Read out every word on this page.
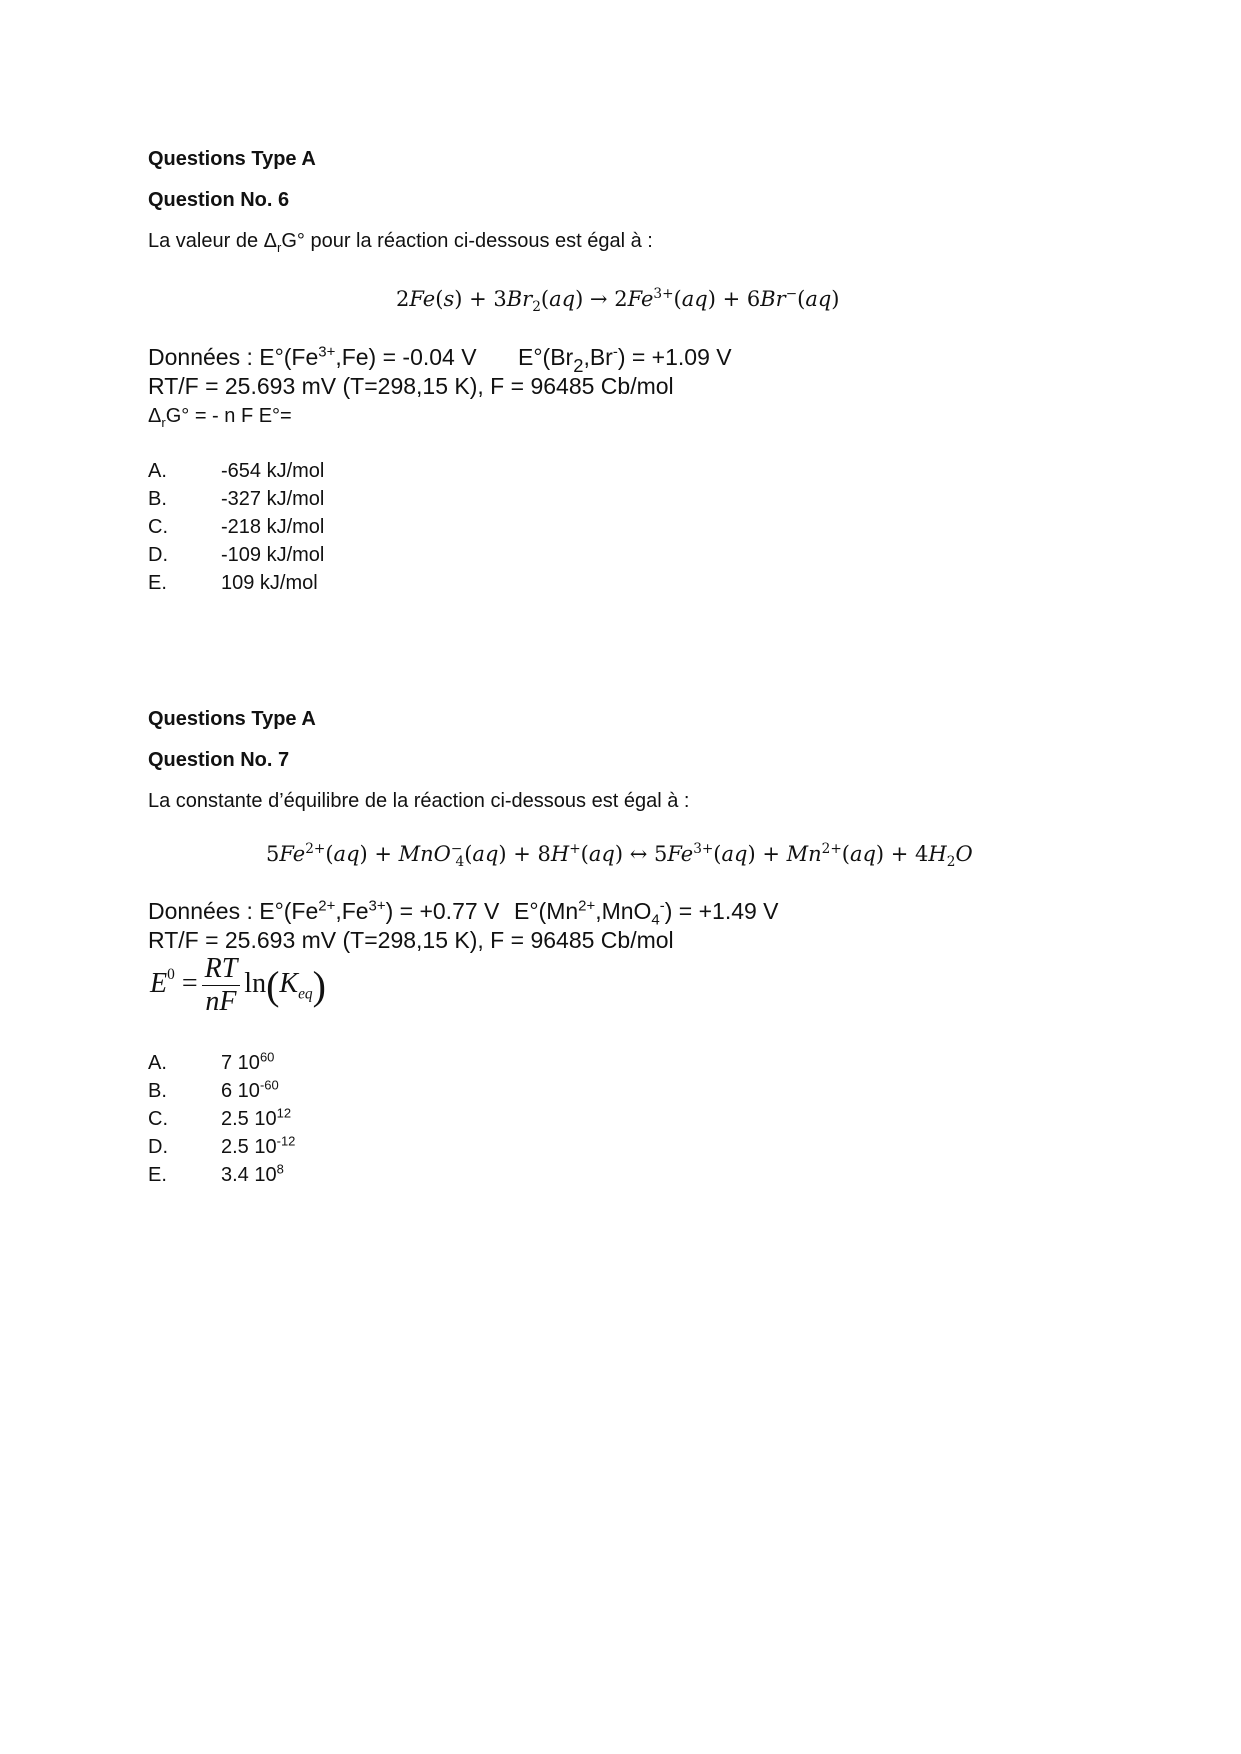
Questions Type A
Question No. 6
La valeur de $\Delta_rG^\circ$ pour la réaction ci-dessous est égal à :
$2Fe(s) + 3Br_2(aq) \to 2Fe^{3+}(aq) + 6Br^-(aq)$
Données : $E^\circ(Fe^{3+},Fe) = -0.04$ V $E^\circ(Br_2,Br^-) = +1.09$ V
RT/F = 25.693 mV (T=298,15 K), F = 96485 Cb/mol
$\Delta_rG^\circ$ = - n F E°=
A.	-654 kJ/mol
B.	-327 kJ/mol
C.	-218 kJ/mol
D.	-109 kJ/mol
E.	109 kJ/mol
Questions Type A
Question No. 7
La constante d’équilibre de la réaction ci-dessous est égal à :
$5Fe^{2+}(aq) + MnO^-_4(aq) + 8H^+(aq)$ ↔ $5Fe^{3+}(aq) + Mn^{2+}(aq) + 4H_2O$
Données : $E^\circ(Fe^{2+},Fe^{3+}) = +0.77$ V $E^\circ(Mn^{2+},MnO_4^-) = +1.49$ V
RT/F = 25.693 mV (T=298,15 K), F = 96485 Cb/mol
$E^0 = \frac{RT}{nF} \ln(K_{eq})$
A.	7 $10^{60}$
B.	6 $10^{-60}$
C.	2.5 $10^{12}$
D.	2.5 $10^{-12}$
E.	3.4 $10^8$
